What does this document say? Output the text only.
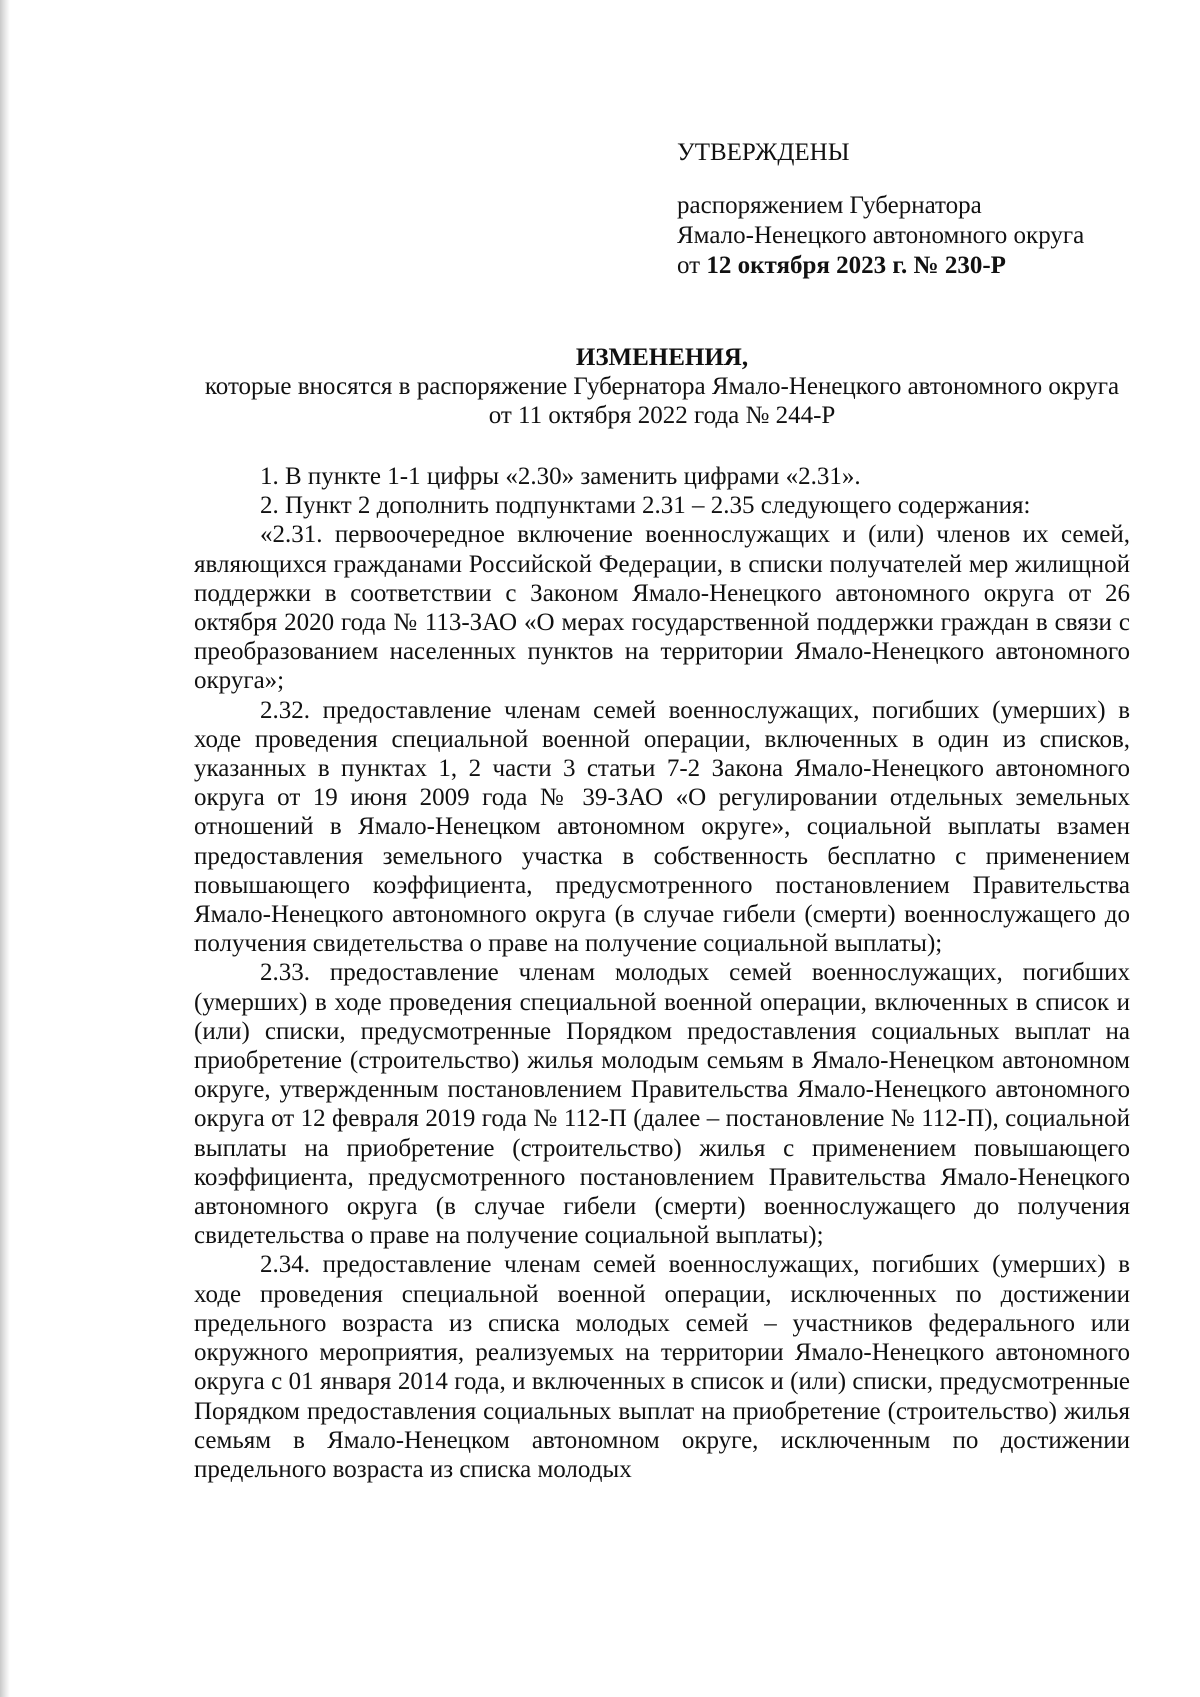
УТВЕРЖДЕНЫ

распоряжением Губернатора

Ямало-Ненецкого автономного округа

от 12 октября 2023 г. № 230-Р

ИЗМЕНЕНИЯ,

которые вносятся в распоряжение Губернатора Ямало-Ненецкого автономного округа от 11 октября 2022 года № 244-Р

1. В пункте 1-1 цифры «2.30» заменить цифрами «2.31».

2. Пункт 2 дополнить подпунктами 2.31 – 2.35 следующего содержания:

«2.31. первоочередное включение военнослужащих и (или) членов их семей, являющихся гражданами Российской Федерации, в списки получателей мер жилищной поддержки в соответствии с Законом Ямало-Ненецкого автономного округа от 26 октября 2020 года № 113-ЗАО «О мерах государственной поддержки граждан в связи с преобразованием населенных пунктов на территории Ямало-Ненецкого автономного округа»;

2.32. предоставление членам семей военнослужащих, погибших (умерших) в ходе проведения специальной военной операции, включенных в один из списков, указанных в пунктах 1, 2 части 3 статьи 7-2 Закона Ямало-Ненецкого автономного округа от 19 июня 2009 года № 39-ЗАО «О регулировании отдельных земельных отношений в Ямало-Ненецком автономном округе», социальной выплаты взамен предоставления земельного участка в собственность бесплатно с применением повышающего коэффициента, предусмотренного постановлением Правительства Ямало-Ненецкого автономного округа (в случае гибели (смерти) военнослужащего до получения свидетельства о праве на получение социальной выплаты);

2.33. предоставление членам молодых семей военнослужащих, погибших (умерших) в ходе проведения специальной военной операции, включенных в список и (или) списки, предусмотренные Порядком предоставления социальных выплат на приобретение (строительство) жилья молодым семьям в Ямало-Ненецком автономном округе, утвержденным постановлением Правительства Ямало-Ненецкого автономного округа от 12 февраля 2019 года № 112-П (далее – постановление № 112-П), социальной выплаты на приобретение (строительство) жилья с применением повышающего коэффициента, предусмотренного постановлением Правительства Ямало-Ненецкого автономного округа (в случае гибели (смерти) военнослужащего до получения свидетельства о праве на получение социальной выплаты);

2.34. предоставление членам семей военнослужащих, погибших (умерших) в ходе проведения специальной военной операции, исключенных по достижении предельного возраста из списка молодых семей – участников федерального или окружного мероприятия, реализуемых на территории Ямало-Ненецкого автономного округа с 01 января 2014 года, и включенных в список и (или) списки, предусмотренные Порядком предоставления социальных выплат на приобретение (строительство) жилья семьям в Ямало-Ненецком автономном округе, исключенным по достижении предельного возраста из списка молодых
